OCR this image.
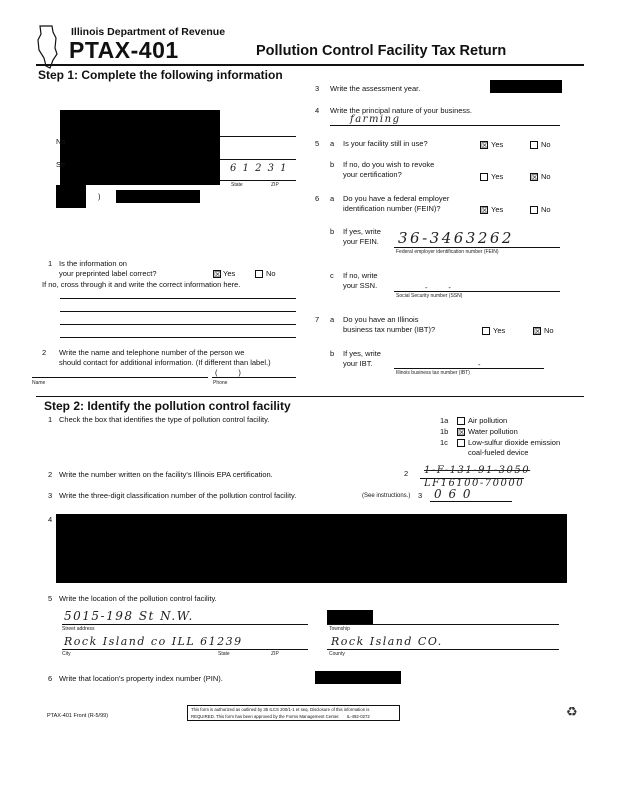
Illinois Department of Revenue
PTAX-401	Pollution Control Facility Tax Return
Step 1: Complete the following information
Na
Str	6 1 2 3 1
State	ZIP
)
1 Is the information on
your preprinted label correct?	☒ Yes	No
If no, cross through it and write the correct information here.
2 Write the name and telephone number of the person we
should contact for additional information. (If different than label.)
(          )
Name	Phone
3 Write the assessment year.
4 Write the principal nature of your business.
farming
5 a Is your facility still in use?	☒ Yes	No
b If no, do you wish to revoke
your certification?	Yes	☒ No
6 a Do you have a federal employer
identification number (FEIN)?	☒ Yes	No
b If yes, write
your FEIN. 36-3463262
Federal employer identification number (FEIN)
c If no, write
your SSN.	-          -
Social Security number (SSN)
7 a Do you have an Illinois
business tax number (IBT)?	Yes	☒ No
b If yes, write
your IBT.	-
Illinois business tax number (IBT)
Step 2: Identify the pollution control facility
1 Check the box that identifies the type of pollution control facility.	1a	Air pollution
1b ☒ Water pollution
1c	Low-sulfur dioxide emission
coal-fueled device
2 Write the number written on the facility's Illinois EPA certification.	2 1-F-131-91-3050
LF16100-70000
3 Write the three-digit classification number of the pollution control facility.	(See instructions.) 3 0 6 0
4
5 Write the location of the pollution control facility.
5015-198 St N.W.
Street address	Township
Rock Island co ILL 61239
City	State	ZIP
Rock Island CO.
County
6 Write that location's property index number (PIN).
PTAX-401 Front (R-5/99)
This form is authorized as outlined by 35 ILCS 200/1-1 et seq. Disclosure of this information is
REQUIRED. This form has been approved by the Forms Management Center.      IL-492-0272	♻
